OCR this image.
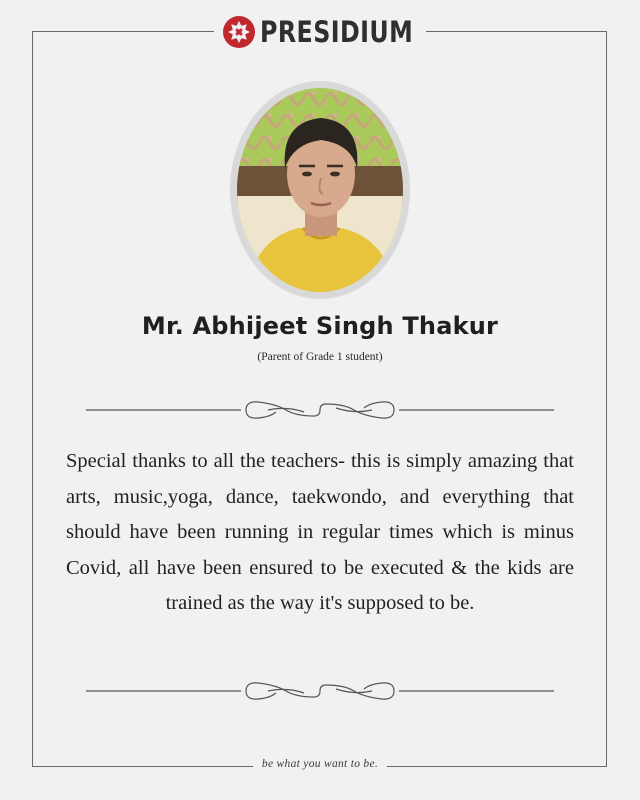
PRESIDIUM
Mr. Abhijeet Singh Thakur
(Parent of Grade 1 student)
Special thanks to all the teachers- this is simply amazing that arts, music,yoga, dance, taekwondo, and everything that should have been running in regular times which is minus Covid, all have been ensured to be executed & the kids are trained as the way it's supposed to be.
be what you want to be.
